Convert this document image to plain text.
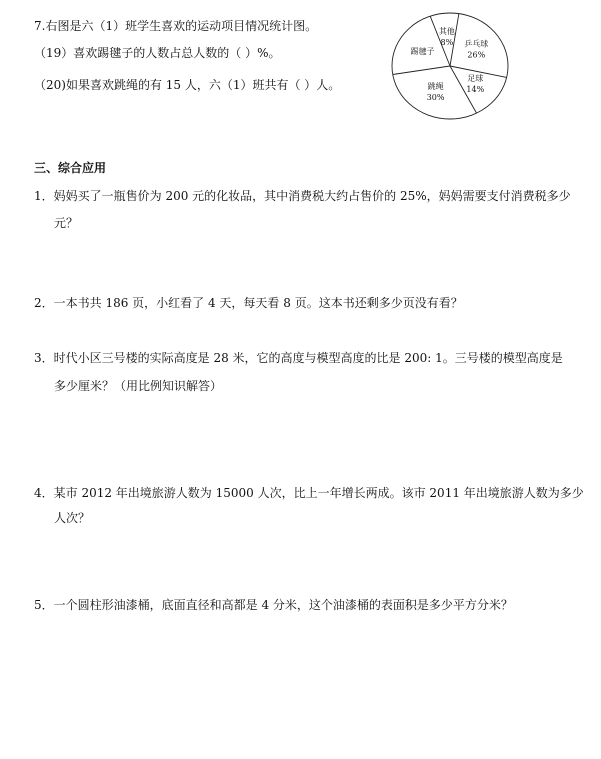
7.右图是六（1）班学生喜欢的运动项目情况统计图。
（19）喜欢踢毽子的人数占总人数的（ ）%。
（20)如果喜欢跳绳的有 15 人，六（1）班共有（ ）人。
其他
8% 乒乓球
26%
足球
14%
跳绳
30%
踢毽子
三、综合应用
1．妈妈买了一瓶售价为 200 元的化妆品，其中消费税大约占售价的 25%，妈妈需要支付消费税多少
元？
2．一本书共 186 页，小红看了 4 天，每天看 8 页。这本书还剩多少页没有看？
3．时代小区三号楼的实际高度是 28 米，它的高度与模型高度的比是 200: 1。三号楼的模型高度是
多少厘米？（用比例知识解答）
4．某市 2012 年出境旅游人数为 15000 人次，比上一年增长两成。该市 2011 年出境旅游人数为多少
人次？
5．一个圆柱形油漆桶，底面直径和高都是 4 分米，这个油漆桶的表面积是多少平方分米？
